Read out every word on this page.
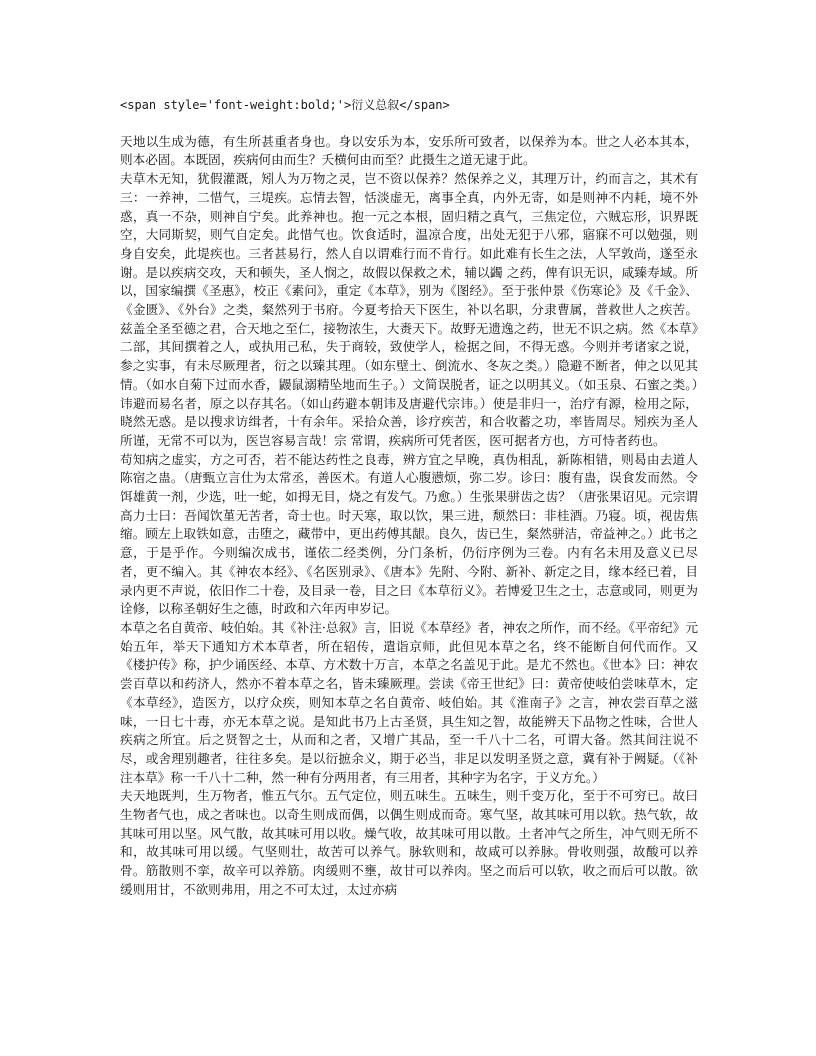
<span style='font-weight:bold;'>衍义总叙</span>

天地以生成为德，有生所甚重者身也。身以安乐为本，安乐所可致者，以保养为本。世之人必本其本，则本必固。本既固，疾病何由而生？夭横何由而至？此摄生之道无逮于此。

夫草木无知，犹假灌溉，矧人为万物之灵，岂不资以保养？然保养之义，其理万计，约而言之，其术有三：一养神，二惜气，三堤疾。忘情去智，恬淡虚无，离事全真，内外无寄，如是则神不内耗，境不外惑，真一不杂，则神自宁矣。此养神也。抱一元之本根，固归精之真气，三焦定位，六贼忘形，识界既空，大同斯契，则气自定矣。此惜气也。饮食适时，温凉合度，出处无犯于八邪，寤寐不可以勉强，则身自安矣，此堤疾也。三者甚易行，然人自以谓难行而不肯行。如此难有长生之法，人罕敦尚，遂至永谢。是以疾病交攻，天和顿失，圣人悯之，故假以保救之术，辅以蠲 之药，俾有识无识，咸臻寿域。所以，国家编撰《圣惠》，校正《素问》，重定《本草》，别为《图经》。至于张仲景《伤寒论》及《千金》、《金匮》、《外台》之类，粲然列于书府。今夏考拾天下医生，补以名职，分隶曹属，普救世人之疾苦。兹盖全圣至德之君，合天地之至仁，接物浓生，大赉天下。故野无遗逸之药，世无不识之病。然《本草》二部，其间撰着之人，或执用己私，失于商较，致使学人，检据之间，不得无惑。今则并考诸家之说，参之实事，有未尽厥理者，衍之以臻其理。（如东壁土、倒流水、冬灰之类。）隐避不断者，伸之以见其情。（如水自菊下过而水香，鼹鼠溺精坠地而生子。）文简误脱者，证之以明其义。（如玉泉、石蜜之类。）讳避而易名者，原之以存其名。（如山药避本朝讳及唐避代宗讳。）使是非归一，治疗有源，检用之际，晓然无惑。是以搜求访缉者，十有余年。采拾众善，诊疗疾苦，和合收蓄之功，率皆周尽。矧疾为圣人所谨，无常不可以为，医岂容易言哉！宗 常谓，疾病所可凭者医，医可据者方也，方可恃者药也。

苟知病之虚实，方之可否，若不能达药性之良毒，辨方宜之早晚，真伪相乱，新陈相错，则曷由去道人陈宿之蛊。（唐甄立言仕为太常丞，善医术。有道人心腹懑烦，弥二岁。诊曰：腹有蛊，误食发而然。令饵雄黄一剂，少选，吐一蛇，如拇无目，烧之有发气。乃愈。）生张果骈齿之齿？（唐张果诏见。元宗谓高力士曰：吾闻饮堇无苦者，奇士也。时天寒，取以饮，果三进，颓然曰：非桂酒。乃寝。顷，视齿焦缩。顾左上取铁如意，击堕之，藏带中，更出药傅其龈。良久，齿已生，粲然骈洁，帝益神之。）此书之意，于是乎作。今则编次成书，谨依二经类例，分门条析，仍衍序例为三卷。内有名未用及意义已尽者，更不编入。其《神农本经》、《名医别录》、《唐本》先附、今附、新补、新定之目，缘本经已着，目录内更不声说，依旧作二十卷，及目录一卷，目之曰《本草衍义》。若博爱卫生之士，志意或同，则更为诠修，以称圣朝好生之德，时政和六年丙申岁记。

本草之名自黄帝、岐伯始。其《补注·总叙》言，旧说《本草经》者，神农之所作，而不经。《平帝纪》元始五年，举天下通知方术本草者，所在轺传，遣诣京师，此但见本草之名，终不能断自何代而作。又《楼护传》称，护少诵医经、本草、方术数十万言，本草之名盖见于此。是尤不然也。《世本》曰：神农尝百草以和药济人，然亦不着本草之名，皆未臻厥理。尝读《帝王世纪》曰：黄帝使岐伯尝味草木，定《本草经》，造医方，以疗众疾，则知本草之名自黄帝、岐伯始。其《淮南子》之言，神农尝百草之滋味，一日七十毒，亦无本草之说。是知此书乃上古圣贤，具生知之智，故能辨天下品物之性味，合世人疾病之所宜。后之贤智之士，从而和之者，又增广其品，至一千八十二名，可谓大备。然其间注说不尽，或舍理别趣者，往往多矣。是以衍摭余义，期于必当，非足以发明圣贤之意，冀有补于阙疑。（《补注本草》称一千八十二种，然一种有分两用者，有三用者，其种字为名字，于义方允。）

夫天地既判，生万物者，惟五气尔。五气定位，则五味生。五味生，则千变万化，至于不可穷已。故曰生物者气也，成之者味也。以奇生则成而偶，以偶生则成而奇。寒气坚，故其味可用以软。热气软，故其味可用以坚。风气散，故其味可用以收。燥气收，故其味可用以散。土者冲气之所生，冲气则无所不和，故其味可用以缓。气坚则壮，故苦可以养气。脉软则和，故咸可以养脉。骨收则强，故酸可以养骨。筋散则不挛，故辛可以养筋。肉缓则不壅，故甘可以养肉。坚之而后可以软，收之而后可以散。欲缓则用甘，不欲则弗用，用之不可太过，太过亦病
